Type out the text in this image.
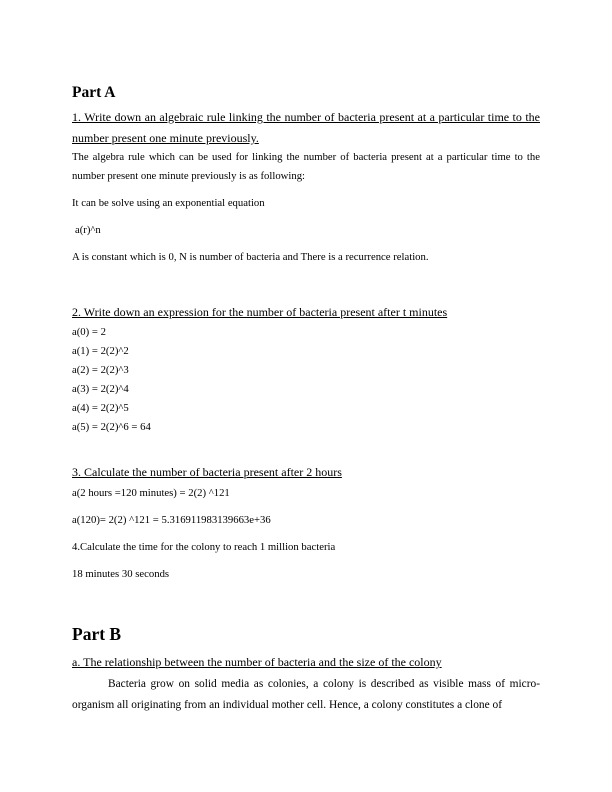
Part A
1. Write down an algebraic rule linking the number of bacteria present at a particular time to the number present one minute previously.
The algebra rule which can be used for linking the number of bacteria present at a particular time to the number present one minute previously is as following:
It can be solve using an exponential equation
a(r)^n
A is constant which is 0, N is number of bacteria and There is a recurrence relation.
2. Write down an expression for the number of bacteria present after t minutes
a(0) = 2
a(1) = 2(2)^2
a(2) = 2(2)^3
a(3) = 2(2)^4
a(4) = 2(2)^5
a(5) = 2(2)^6 = 64
3. Calculate the number of bacteria present after 2 hours
a(2 hours =120 minutes) = 2(2) ^121
a(120)= 2(2) ^121 = 5.316911983139663e+36
4.Calculate the time for the colony to reach 1 million bacteria
18 minutes 30 seconds
Part B
a. The relationship between the number of bacteria and the size of the colony
Bacteria grow on solid media as colonies, a colony is described as visible mass of micro-organism all originating from an individual mother cell. Hence, a colony constitutes a clone of
